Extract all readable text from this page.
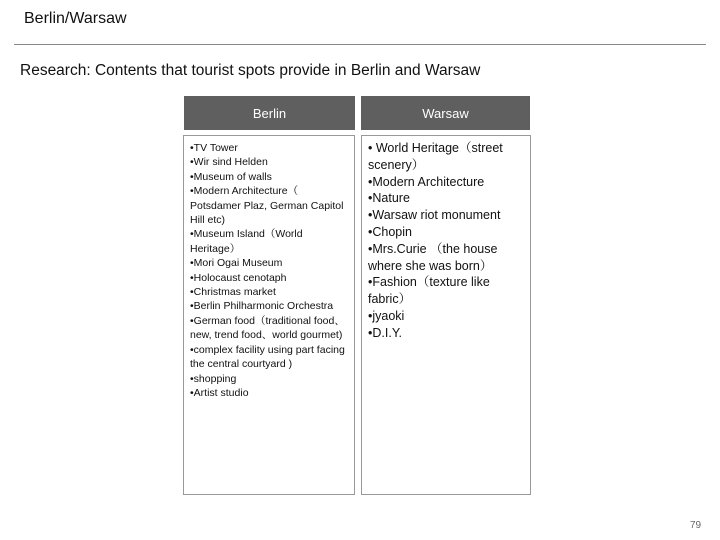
Berlin/Warsaw
Research: Contents that tourist spots provide in Berlin and Warsaw
Berlin	Warsaw
•TV Tower
•Wir sind Helden
•Museum of walls
•Modern Architecture（ Potsdamer Plaz, German Capitol Hill etc)
•Museum Island（World Heritage）
•Mori Ogai Museum
•Holocaust cenotaph
•Christmas market
•Berlin Philharmonic Orchestra
•German food（traditional food、new, trend food、world gourmet)
•complex facility using part facing the central courtyard )
•shopping
•Artist studio
• World Heritage（street scenery）
•Modern Architecture
•Nature
•Warsaw riot monument
•Chopin
•Mrs.Curie （the house where she was born）
•Fashion（texture like fabric）
•jyaoki
•D.I.Y.
79
